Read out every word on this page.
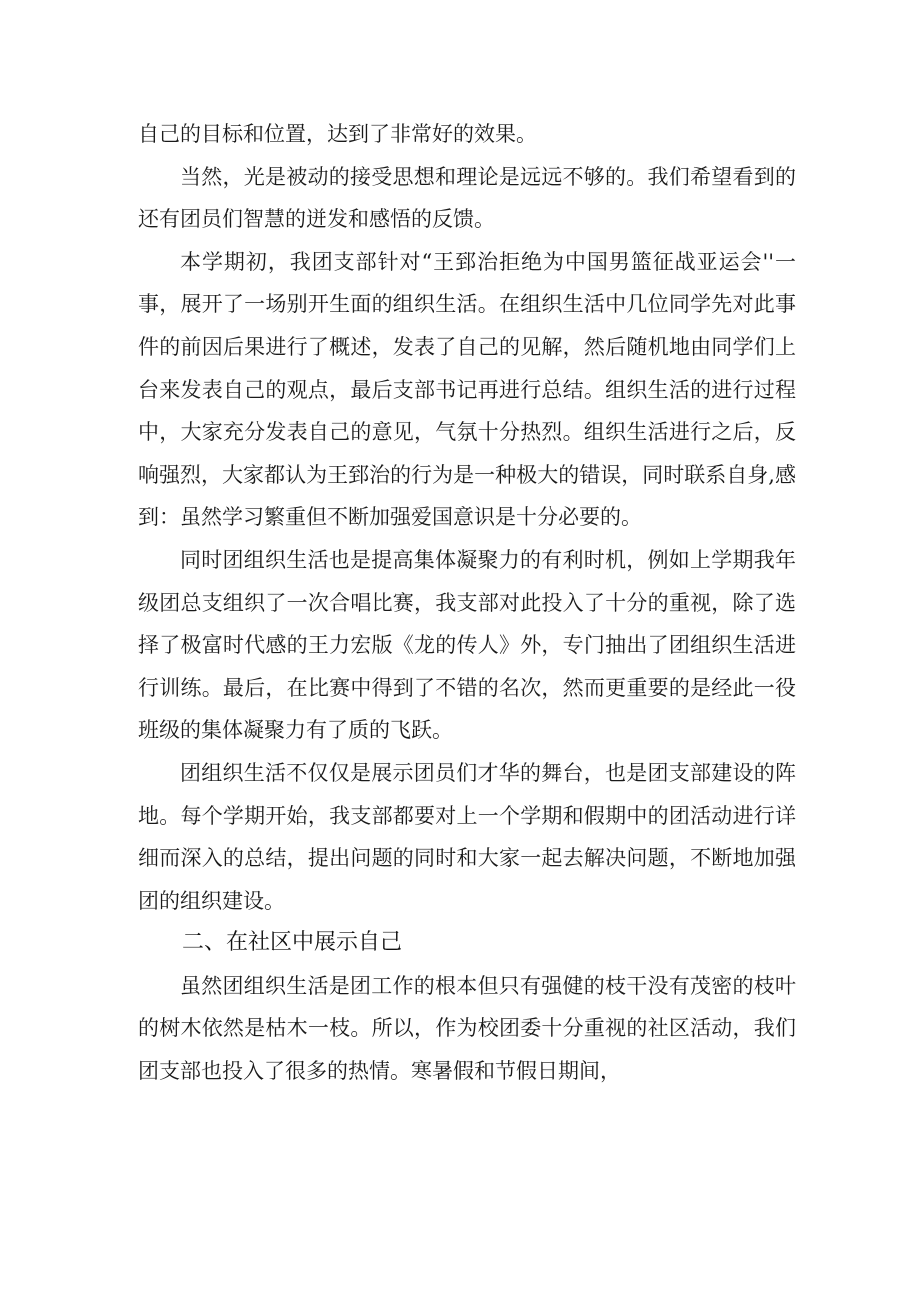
自己的目标和位置，达到了非常好的效果。

当然，光是被动的接受思想和理论是远远不够的。我们希望看到的还有团员们智慧的迸发和感悟的反馈。

本学期初，我团支部针对“王郅治拒绝为中国男篮征战亚运会''一事，展开了一场别开生面的组织生活。在组织生活中几位同学先对此事件的前因后果进行了概述，发表了自己的见解，然后随机地由同学们上台来发表自己的观点，最后支部书记再进行总结。组织生活的进行过程中，大家充分发表自己的意见，气氛十分热烈。组织生活进行之后，反响强烈，大家都认为王郅治的行为是一种极大的错误，同时联系自身,感到：虽然学习繁重但不断加强爱国意识是十分必要的。

同时团组织生活也是提高集体凝聚力的有利时机，例如上学期我年级团总支组织了一次合唱比赛，我支部对此投入了十分的重视，除了选择了极富时代感的王力宏版《龙的传人》外，专门抽出了团组织生活进行训练。最后，在比赛中得到了不错的名次，然而更重要的是经此一役班级的集体凝聚力有了质的飞跃。

团组织生活不仅仅是展示团员们才华的舞台，也是团支部建设的阵地。每个学期开始，我支部都要对上一个学期和假期中的团活动进行详细而深入的总结，提出问题的同时和大家一起去解决问题，不断地加强团的组织建设。

二、在社区中展示自己

虽然团组织生活是团工作的根本但只有强健的枝干没有茂密的枝叶的树木依然是枯木一枝。所以，作为校团委十分重视的社区活动，我们团支部也投入了很多的热情。寒暑假和节假日期间，
